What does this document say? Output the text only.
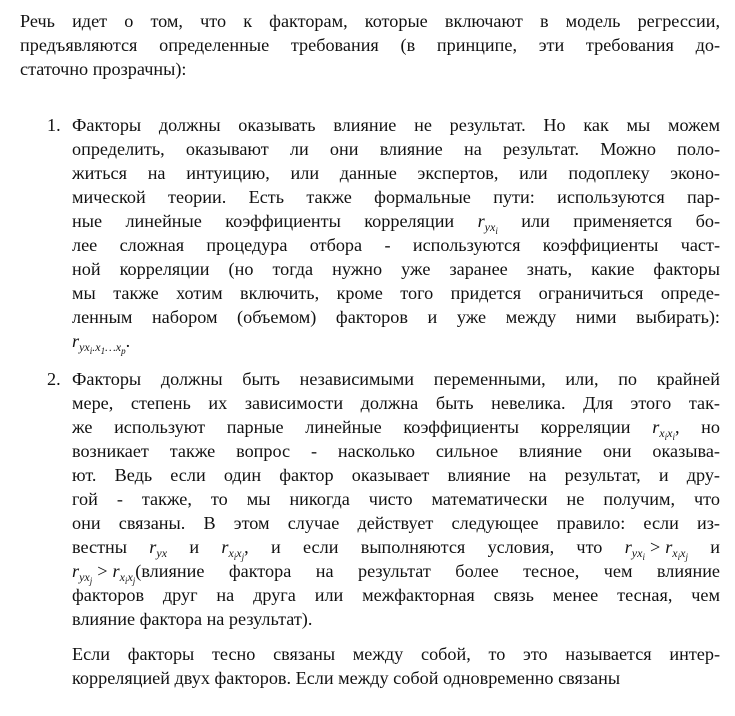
Речь идет о том, что к факторам, которые включают в модель регрессии,
предъявляются определенные требования (в принципе, эти требования до-
статочно прозрачны):
1. Факторы должны оказывать влияние не результат. Но как мы можем
определить, оказывают ли они влияние на результат. Можно поло-
житься на интуицию, или данные экспертов, или подоплеку эконо-
мической теории. Есть также формальные пути: используются пар-
ные линейные коэффициенты корреляции $r_{yx_i}$ или применяется бо-
лее сложная процедура отбора - используются коэффициенты част-
ной корреляции (но тогда нужно уже заранее знать, какие факторы
мы также хотим включить, кроме того придется ограничиться опреде-
ленным набором (объемом) факторов и уже между ними выбирать):
$r_{yx_i.x_1\dots x_p}$.
2. Факторы должны быть независимыми переменными, или, по крайней
мере, степень их зависимости должна быть невелика. Для этого так-
же используют парные линейные коэффициенты корреляции $r_{x_ix_i}$, но
возникает также вопрос - насколько сильное влияние они оказыва-
ют. Ведь если один фактор оказывает влияние на результат, и дру-
гой - также, то мы никогда чисто математически не получим, что
они связаны. В этом случае действует следующее правило: если из-
вестны $r_{yx}$ и $r_{x_ix_j}$, и если выполняются условия, что $r_{yx_i} > r_{x_ix_j}$ и
$r_{yx_j}$ > $r_{x_ix_j}(влияние$ фактора на результат более тесное, чем влияние
факторов друг на друга или межфакторная связь менее тесная, чем
влияние фактора на результат).
Если факторы тесно связаны между собой, то это называется интер-
корреляцией двух факторов. Если между собой одновременно связаны
